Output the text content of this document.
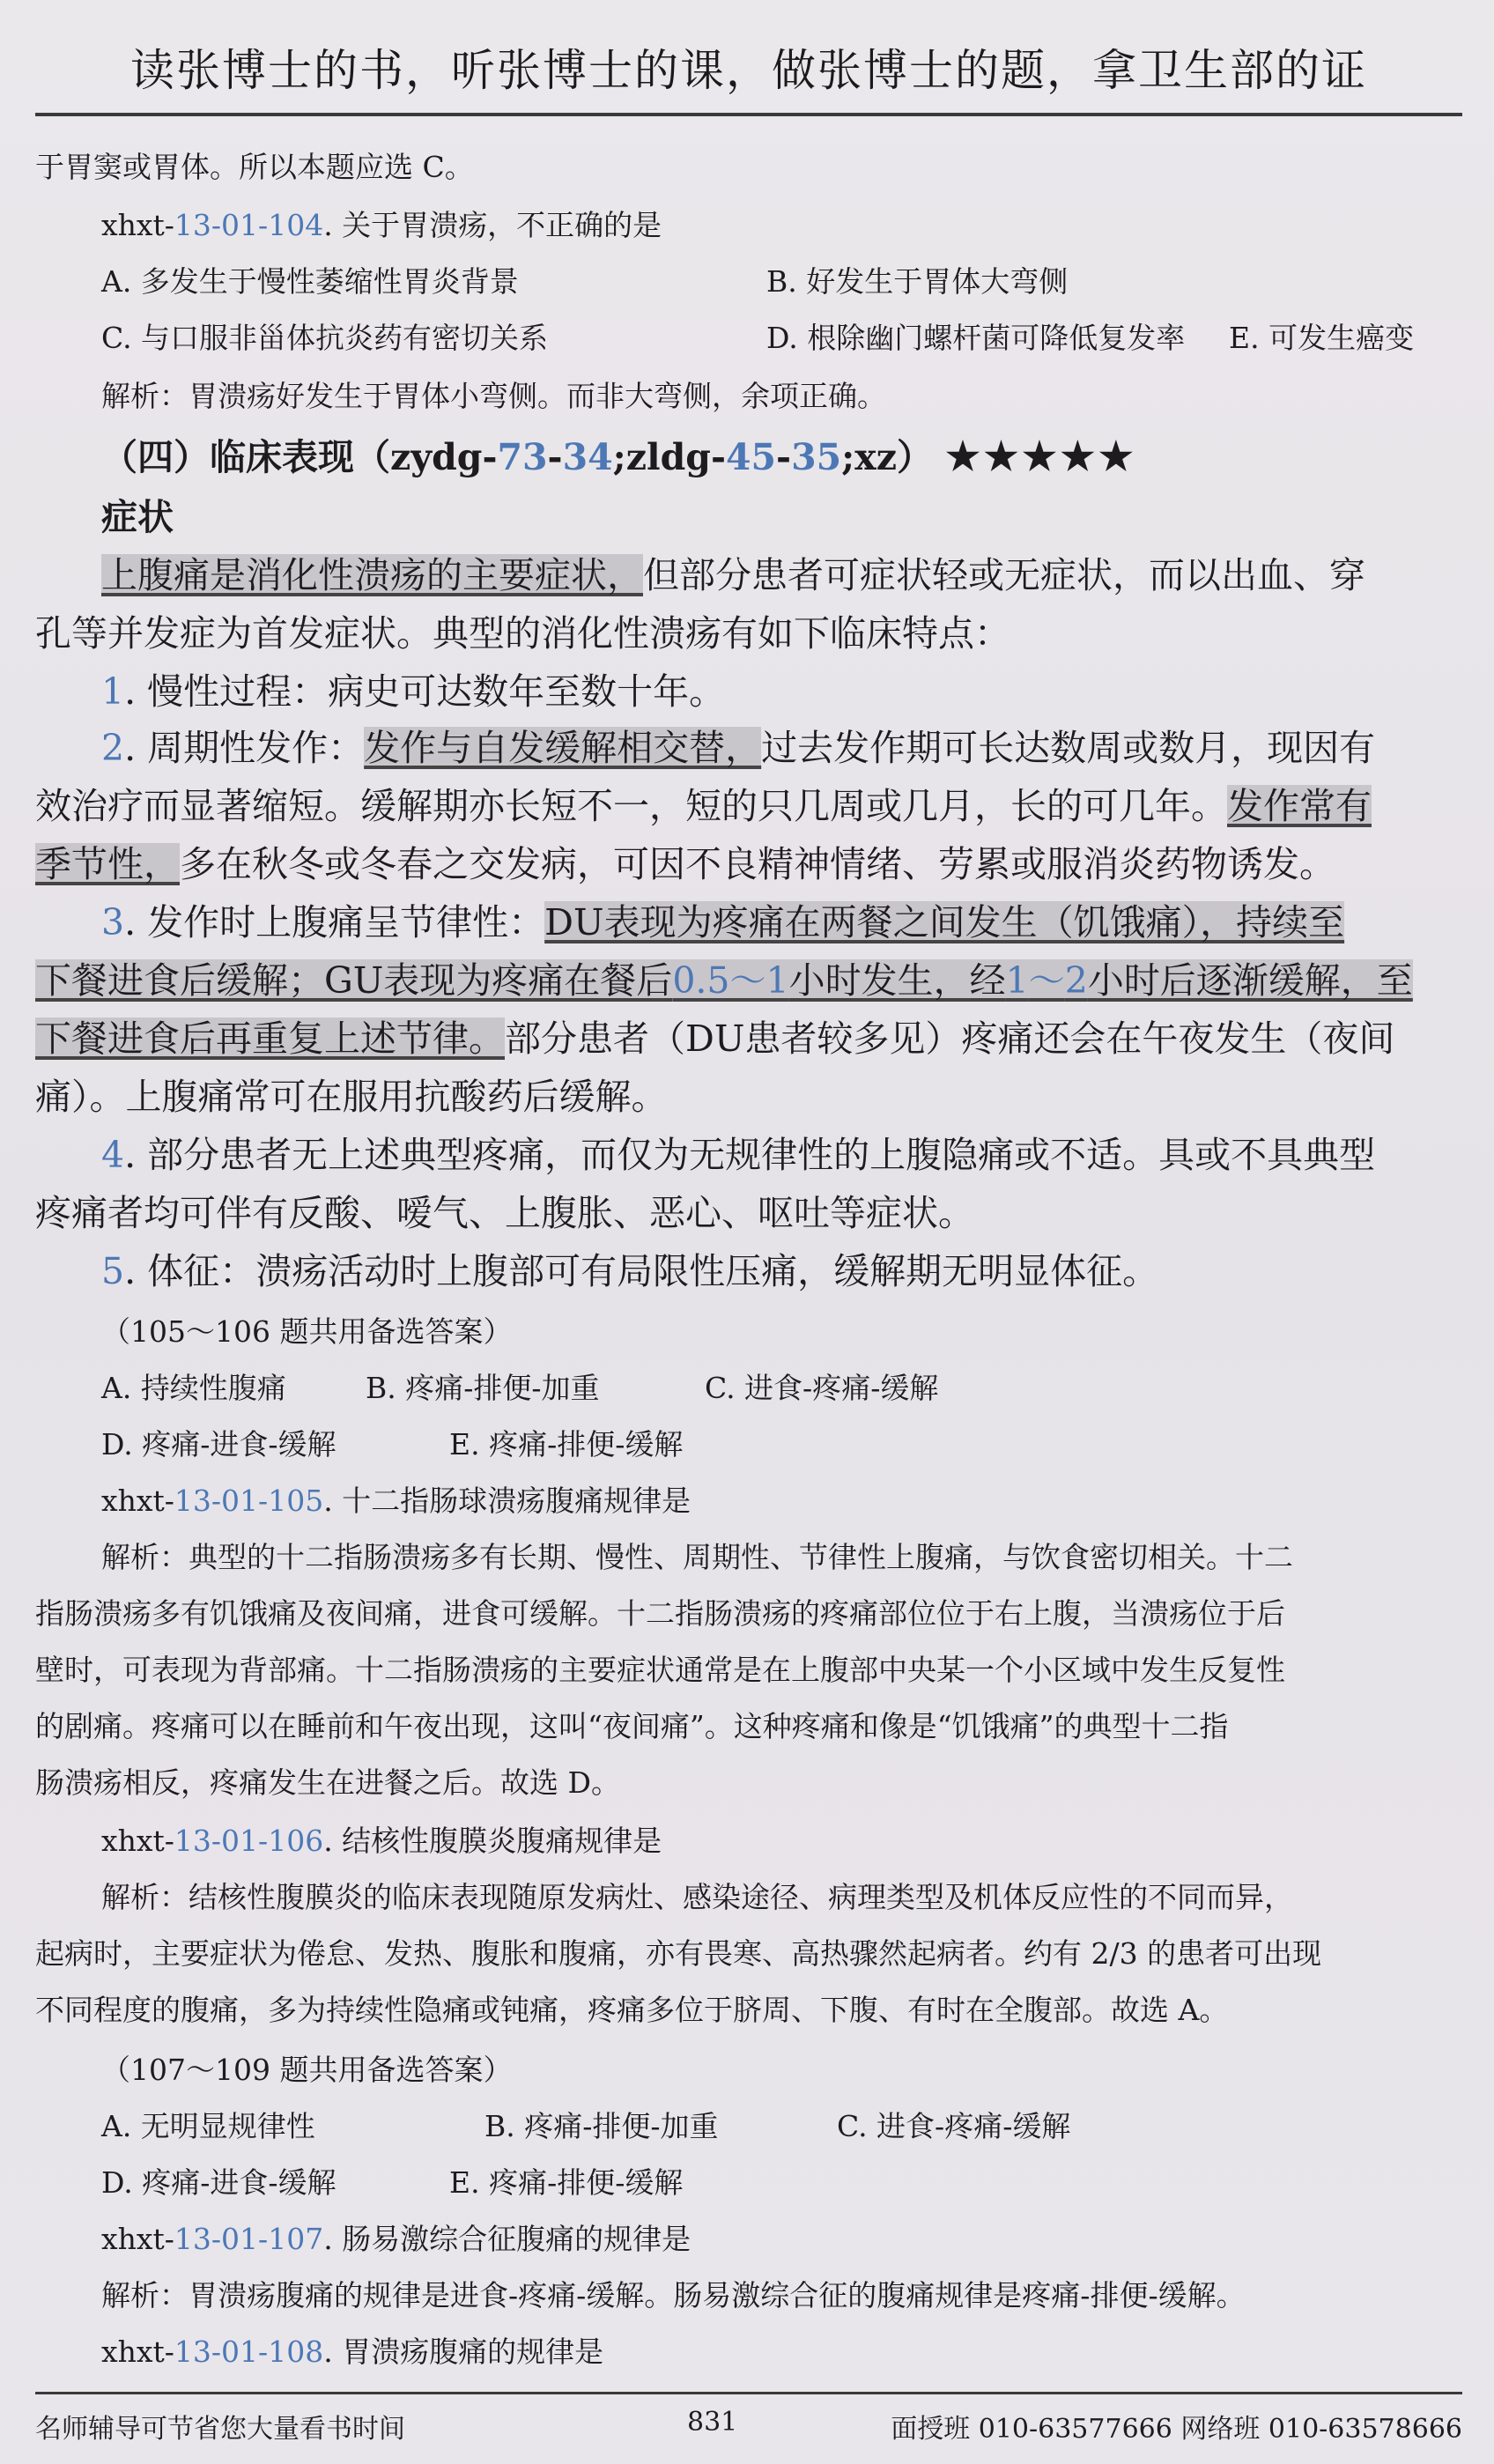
读张博士的书，听张博士的课，做张博士的题，拿卫生部的证
于胃窦或胃体。所以本题应选 C。
xhxt-13-01-104. 关于胃溃疡，不正确的是
A. 多发生于慢性萎缩性胃炎背景	B. 好发生于胃体大弯侧
C. 与口服非甾体抗炎药有密切关系	D. 根除幽门螺杆菌可降低复发率 E. 可发生癌变
解析：胃溃疡好发生于胃体小弯侧。而非大弯侧，余项正确。
（四）临床表现（zydg-73-34;zldg-45-35;xz） ★★★★★
症状
上腹痛是消化性溃疡的主要症状，但部分患者可症状轻或无症状，而以出血、穿
孔等并发症为首发症状。典型的消化性溃疡有如下临床特点：
1. 慢性过程：病史可达数年至数十年。
2. 周期性发作：发作与自发缓解相交替，过去发作期可长达数周或数月，现因有
效治疗而显著缩短。缓解期亦长短不一，短的只几周或几月，长的可几年。发作常有
季节性，多在秋冬或冬春之交发病，可因不良精神情绪、劳累或服消炎药物诱发。
3. 发作时上腹痛呈节律性：DU表现为疼痛在两餐之间发生（饥饿痛），持续至
下餐进食后缓解；GU表现为疼痛在餐后0.5～1小时发生，经1～2小时后逐渐缓解，至
下餐进食后再重复上述节律。部分患者（DU患者较多见）疼痛还会在午夜发生（夜间
痛）。上腹痛常可在服用抗酸药后缓解。
4. 部分患者无上述典型疼痛，而仅为无规律性的上腹隐痛或不适。具或不具典型
疼痛者均可伴有反酸、嗳气、上腹胀、恶心、呕吐等症状。
5. 体征：溃疡活动时上腹部可有局限性压痛，缓解期无明显体征。
（105～106 题共用备选答案）
A. 持续性腹痛	B. 疼痛-排便-加重	C. 进食-疼痛-缓解
D. 疼痛-进食-缓解	E. 疼痛-排便-缓解
xhxt-13-01-105. 十二指肠球溃疡腹痛规律是
解析：典型的十二指肠溃疡多有长期、慢性、周期性、节律性上腹痛，与饮食密切相关。十二
指肠溃疡多有饥饿痛及夜间痛，进食可缓解。十二指肠溃疡的疼痛部位位于右上腹，当溃疡位于后
壁时，可表现为背部痛。十二指肠溃疡的主要症状通常是在上腹部中央某一个小区域中发生反复性
的剧痛。疼痛可以在睡前和午夜出现，这叫“夜间痛”。这种疼痛和像是“饥饿痛”的典型十二指
肠溃疡相反，疼痛发生在进餐之后。故选 D。
xhxt-13-01-106. 结核性腹膜炎腹痛规律是
解析：结核性腹膜炎的临床表现随原发病灶、感染途径、病理类型及机体反应性的不同而异，
起病时，主要症状为倦怠、发热、腹胀和腹痛，亦有畏寒、高热骤然起病者。约有 2/3 的患者可出现
不同程度的腹痛，多为持续性隐痛或钝痛，疼痛多位于脐周、下腹、有时在全腹部。故选 A。
（107～109 题共用备选答案）
A. 无明显规律性	B. 疼痛-排便-加重	C. 进食-疼痛-缓解
D. 疼痛-进食-缓解	E. 疼痛-排便-缓解
xhxt-13-01-107. 肠易激综合征腹痛的规律是
解析：胃溃疡腹痛的规律是进食-疼痛-缓解。肠易激综合征的腹痛规律是疼痛-排便-缓解。
xhxt-13-01-108. 胃溃疡腹痛的规律是
名师辅导可节省您大量看书时间	831	面授班 010-63577666 网络班 010-63578666
